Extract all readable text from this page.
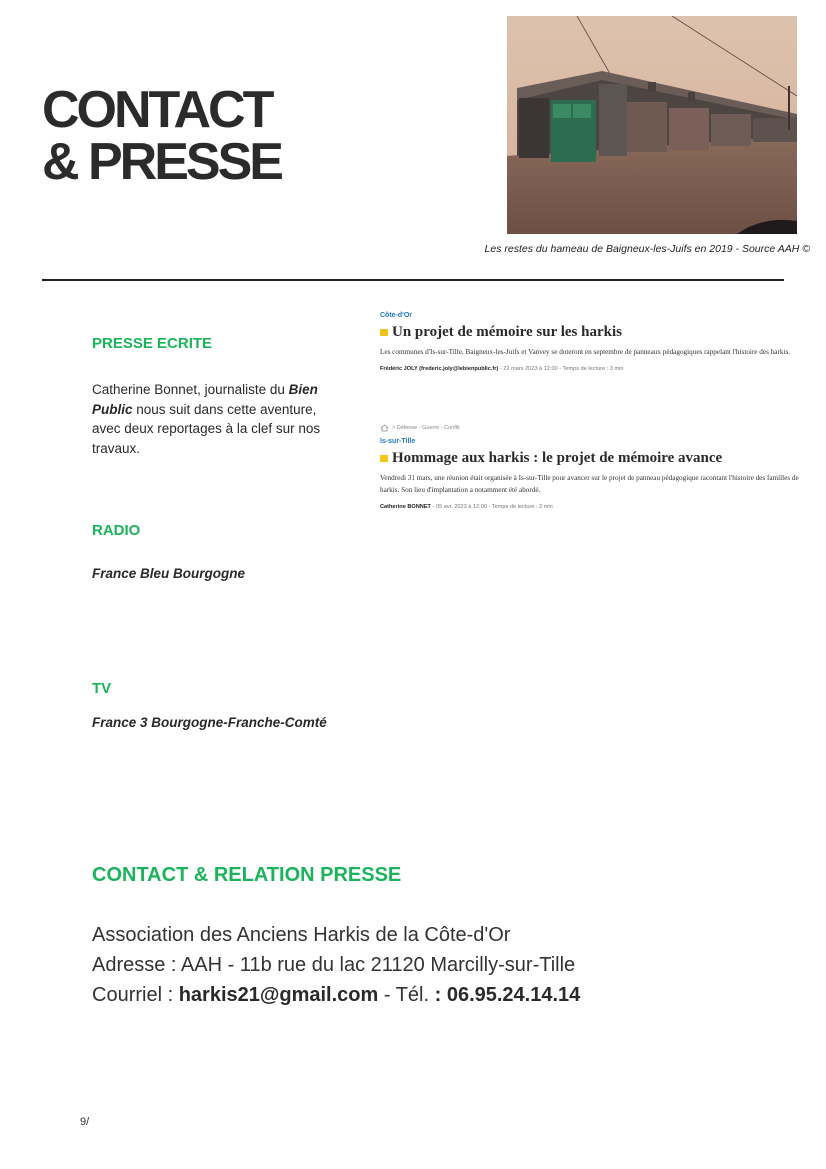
CONTACT
& PRESSE
Les restes du hameau de Baigneux-les-Juifs en 2019 - Source AAH ©
PRESSE ECRITE
Catherine Bonnet, journaliste du Bien Public nous suit dans cette aventure, avec deux reportages à la clef sur nos travaux.
Côte-d'Or
Un projet de mémoire sur les harkis
Les communes d'Is-sur-Tille, Baigneux-les-Juifs et Vanvey se doteront en septembre de panneaux pédagogiques rappelant l'histoire des harkis.
Frédéric JOLY (frederic.joly@lebienpublic.fr) - 22 mars 2023 à 12:00 - Temps de lecture : 3 min
> Défense - Guerre - Conflit
Is-sur-Tille
Hommage aux harkis : le projet de mémoire avance
Vendredi 31 mars, une réunion était organisée à Is-sur-Tille pour avancer sur le projet de panneau pédagogique racontant l'histoire des familles de harkis. Son lieu d'implantation a notamment été abordé.
Catherine BONNET - 05 avr. 2023 à 12:00 - Temps de lecture : 2 min
RADIO
France Bleu Bourgogne
TV
France 3 Bourgogne-Franche-Comté
CONTACT & RELATION PRESSE
Association des Anciens Harkis de la Côte-d'Or
Adresse : AAH - 11b rue du lac 21120 Marcilly-sur-Tille
Courriel : harkis21@gmail.com - Tél. : 06.95.24.14.14
9/
